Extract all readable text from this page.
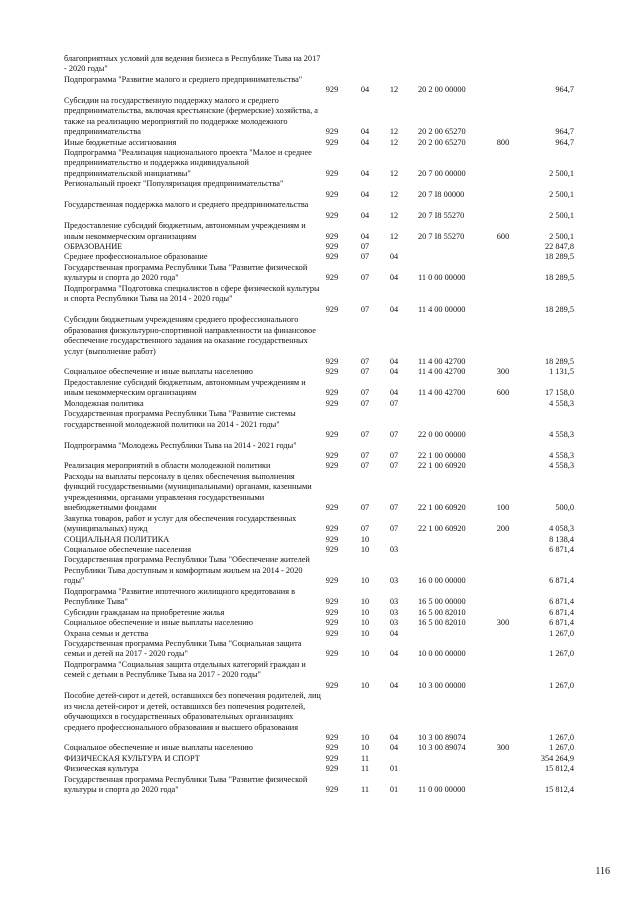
благоприятных условий для ведения бизнеса в Республике Тыва на 2017 - 2020 годы"
Подпрограмма "Развитие малого и среднего предпринимательства"
929	04	12	20 2 00 00000	964,7
Субсидии на государственную поддержку малого и среднего предпринимательства, включая крестьянские (фермерские) хозяйства, а также на реализацию мероприятий по поддержке молодежного предпринимательства	929	04	12	20 2 00 65270	964,7
Иные бюджетные ассигнования	929	04	12	20 2 00 65270	800	964,7
Подпрограмма "Реализация национального проекта "Малое и среднее предпринимательство и поддержка индивидуальной предпринимательской инициативы"	929	04	12	20 7 00 00000	2 500,1
Региональный проект "Популяризация предпринимательства"
929	04	12	20 7 I8 00000	2 500,1
Государственная поддержка малого и среднего предпринимательства
929	04	12	20 7 I8 55270	2 500,1
Предоставление субсидий бюджетным, автономным учреждениям и иным некоммерческим организациям	929	04	12	20 7 I8 55270	600	2 500,1
ОБРАЗОВАНИЕ	929	07	22 847,8
Среднее профессиональное образование	929	07	04	18 289,5
Государственная программа Республики Тыва "Развитие физической культуры и спорта до 2020 года"	929	07	04	11 0 00 00000	18 289,5
Подпрограмма "Подготовка специалистов в сфере физической культуры и спорта Республики Тыва на 2014 - 2020 годы"
929	07	04	11 4 00 00000	18 289,5
Субсидии бюджетным учреждениям среднего профессионального образования физкультурно-спортивной направленности на финансовое обеспечение государственного задания на оказание государственных услуг (выполнение работ)
929	07	04	11 4 00 42700	18 289,5
Социальное обеспечение и иные выплаты населению	929	07	04	11 4 00 42700	300	1 131,5
Предоставление субсидий бюджетным, автономным учреждениям и иным некоммерческим организациям	929	07	04	11 4 00 42700	600	17 158,0
Молодежная политика	929	07	07	4 558,3
Государственная программа Республики Тыва "Развитие системы государственной молодежной политики на 2014 - 2021 годы"
929	07	07	22 0 00 00000	4 558,3
Подпрограмма "Молодежь Республики Тыва на 2014 - 2021 годы"
929	07	07	22 1 00 00000	4 558,3
Реализация мероприятий в области молодежной политики	929	07	07	22 1 00 60920	4 558,3
Расходы на выплаты персоналу в целях обеспечения выполнения функций государственными (муниципальными) органами, казенными учреждениями, органами управления государственными внебюджетными фондами	929	07	07	22 1 00 60920	100	500,0
Закупка товаров, работ и услуг для обеспечения государственных (муниципальных) нужд	929	07	07	22 1 00 60920	200	4 058,3
СОЦИАЛЬНАЯ ПОЛИТИКА	929	10	8 138,4
Социальное обеспечение населения	929	10	03	6 871,4
Государственная программа Республики Тыва "Обеспечение жителей Республики Тыва доступным и комфортным жильем на 2014 - 2020 годы"	929	10	03	16 0 00 00000	6 871,4
Подпрограмма "Развитие ипотечного жилищного кредитования в Республике Тыва"	929	10	03	16 5 00 00000	6 871,4
Субсидии гражданам на приобретение жилья	929	10	03	16 5 00 82010	6 871,4
Социальное обеспечение и иные выплаты населению	929	10	03	16 5 00 82010	300	6 871,4
Охрана семьи и детства	929	10	04	1 267,0
Государственная программа Республики Тыва "Социальная защита семьи и детей на 2017 - 2020 годы"	929	10	04	10 0 00 00000	1 267,0
Подпрограмма "Социальная защита отдельных категорий граждан и семей с детьми в Республике Тыва на 2017 - 2020 годы"
929	10	04	10 3 00 00000	1 267,0
Пособие детей-сирот и детей, оставшихся без попечения родителей, лиц из числа детей-сирот и детей, оставшихся без попечения родителей, обучающихся в государственных образовательных организациях среднего профессионального образования и высшего образования
929	10	04	10 3 00 89074	1 267,0
Социальное обеспечение и иные выплаты населению	929	10	04	10 3 00 89074	300	1 267,0
ФИЗИЧЕСКАЯ КУЛЬТУРА И СПОРТ	929	11	354 264,9
Физическая культура	929	11	01	15 812,4
Государственная программа Республики Тыва "Развитие физической культуры и спорта до 2020 года"	929	11	01	11 0 00 00000	15 812,4
116
